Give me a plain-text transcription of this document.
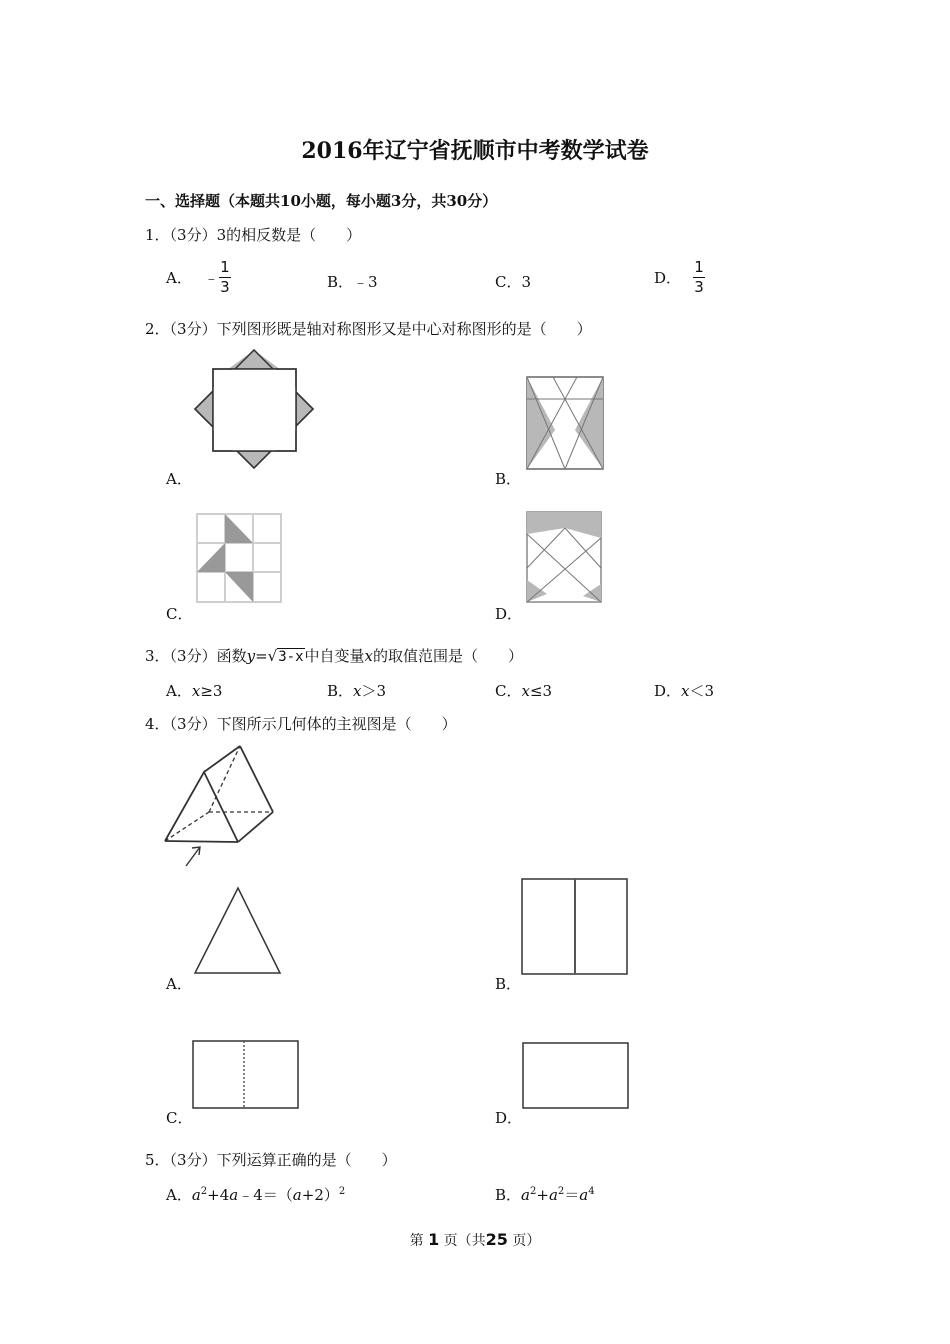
2016年辽宁省抚顺市中考数学试卷
一、选择题（本题共10小题，每小题3分，共30分）
1．（3分）3的相反数是（　　）
A． ﹣ $\frac{1}{3}$	B．﹣3	C．3	D． $\frac{1}{3}$
2．（3分）下列图形既是轴对称图形又是中心对称图形的是（　　）
A．	B．
C．	D．
3．（3分）函数y=√3-x中自变量x的取值范围是（　　）
A．x≥3	B．x＞3	C．x≤3	D．x＜3
4．（3分）下图所示几何体的主视图是（　　）
A．	B．
C．	D．
5．（3分）下列运算正确的是（　　）
A．$a^2+4a﹣4=(a+2)^2$	B．$a^2+a^2=a^4$
第 1 页（共25 页）
